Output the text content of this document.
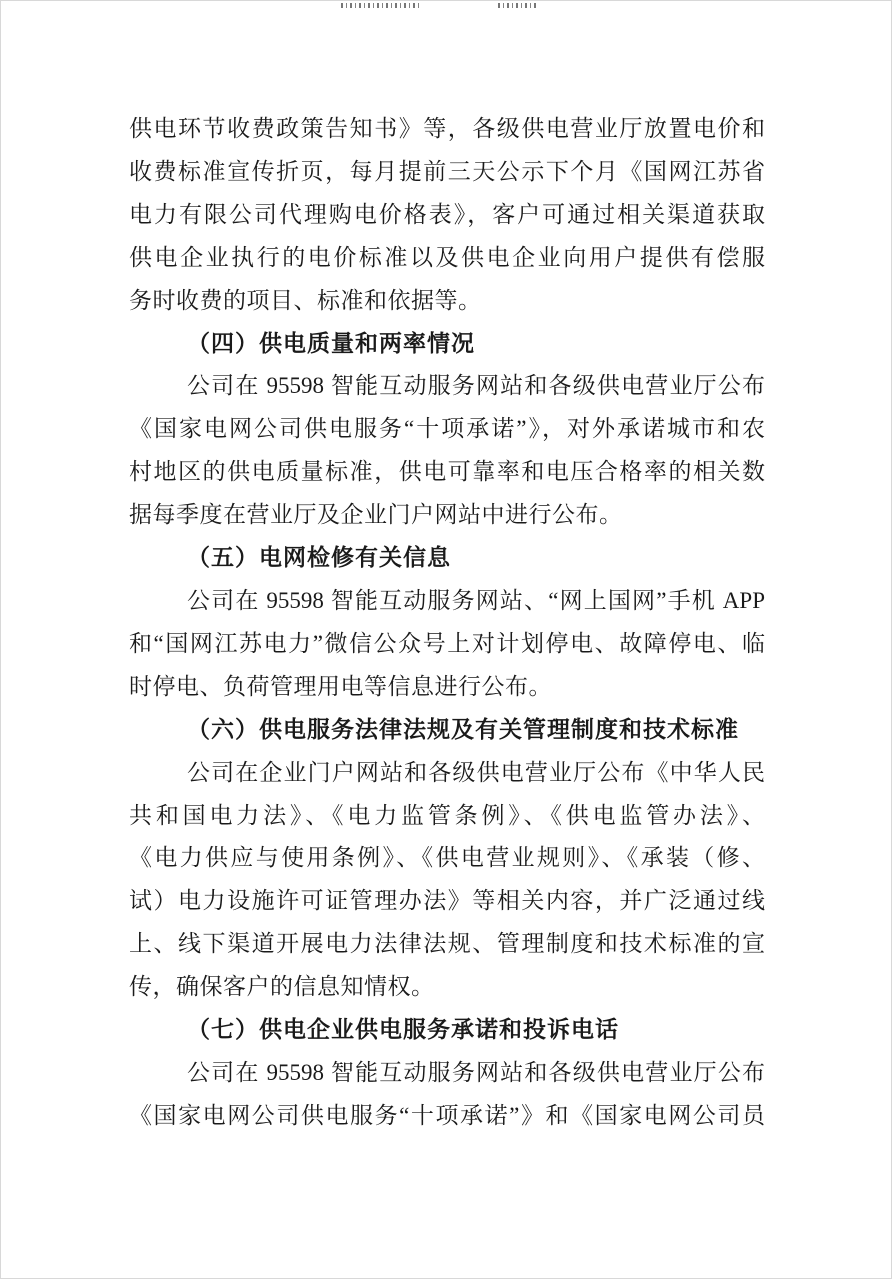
供电环节收费政策告知书》等，各级供电营业厅放置电价和
收费标准宣传折页，每月提前三天公示下个月《国网江苏省
电力有限公司代理购电价格表》，客户可通过相关渠道获取
供电企业执行的电价标准以及供电企业向用户提供有偿服
务时收费的项目、标准和依据等。
（四）供电质量和两率情况
公司在 95598 智能互动服务网站和各级供电营业厅公布
《国家电网公司供电服务“十项承诺”》，对外承诺城市和农
村地区的供电质量标准，供电可靠率和电压合格率的相关数
据每季度在营业厅及企业门户网站中进行公布。
（五）电网检修有关信息
公司在 95598 智能互动服务网站、“网上国网”手机 APP
和“国网江苏电力”微信公众号上对计划停电、故障停电、临
时停电、负荷管理用电等信息进行公布。
（六）供电服务法律法规及有关管理制度和技术标准
公司在企业门户网站和各级供电营业厅公布《中华人民
共和国电力法》、《电力监管条例》、《供电监管办法》、
《电力供应与使用条例》、《供电营业规则》、《承装（修、
试）电力设施许可证管理办法》等相关内容，并广泛通过线
上、线下渠道开展电力法律法规、管理制度和技术标准的宣
传，确保客户的信息知情权。
（七）供电企业供电服务承诺和投诉电话
公司在 95598 智能互动服务网站和各级供电营业厅公布
《国家电网公司供电服务“十项承诺”》和《国家电网公司员
